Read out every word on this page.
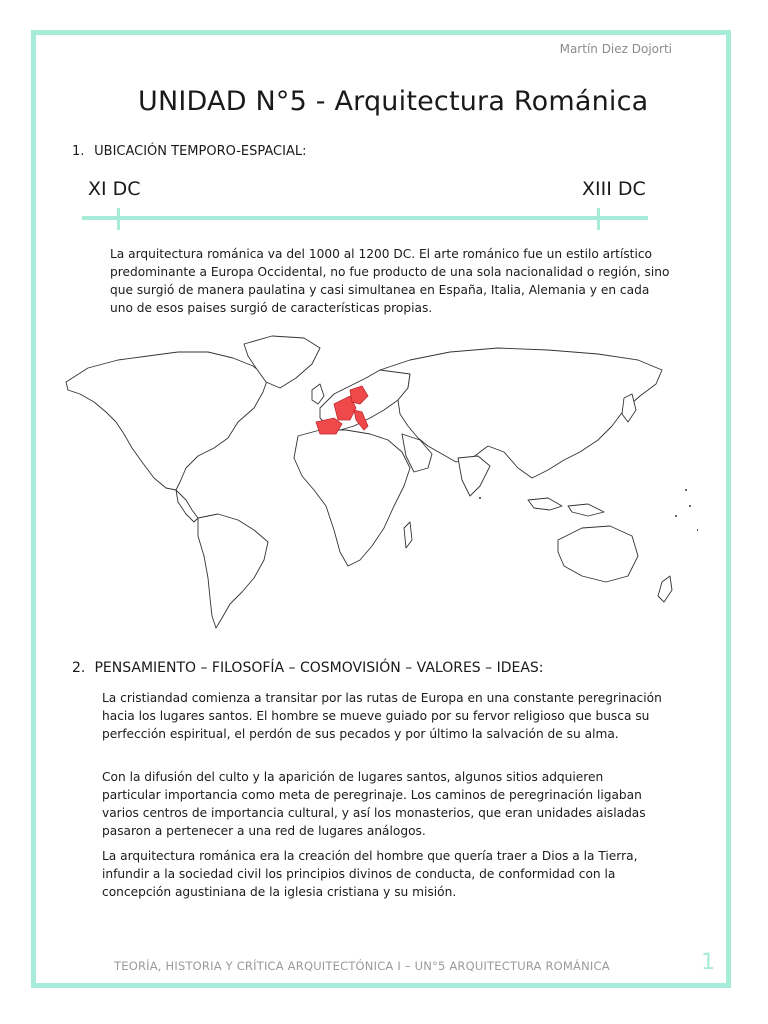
Martín Diez Dojorti
UNIDAD N°5 - Arquitectura Románica
1. UBICACIÓN TEMPORO-ESPACIAL:
XI DC	XIII DC

La arquitectura románica va del 1000 al 1200 DC. El arte románico fue un estilo artístico predominante a Europa Occidental, no fue producto de una sola nacionalidad o región, sino que surgió de manera paulatina y casi simultanea en España, Italia, Alemania y en cada uno de esos paises surgió de características propias.

2. PENSAMIENTO – FILOSOFÍA – COSMOVISIÓN – VALORES – IDEAS:

La cristiandad comienza a transitar por las rutas de Europa en una constante peregrinación hacia los lugares santos. El hombre se mueve guiado por su fervor religioso que busca su perfección espiritual, el perdón de sus pecados y por último la salvación de su alma.

Con la difusión del culto y la aparición de lugares santos, algunos sitios adquieren particular importancia como meta de peregrinaje. Los caminos de peregrinación ligaban varios centros de importancia cultural, y así los monasterios, que eran unidades aisladas pasaron a pertenecer a una red de lugares análogos.

La arquitectura románica era la creación del hombre que quería traer a Dios a la Tierra, infundir a la sociedad civil los principios divinos de conducta, de conformidad con la concepción agustiniana de la iglesia cristiana y su misión.

TEORÍA, HISTORIA Y CRÍTICA ARQUITECTÓNICA I – UN°5 ARQUITECTURA ROMÁNICA	1
